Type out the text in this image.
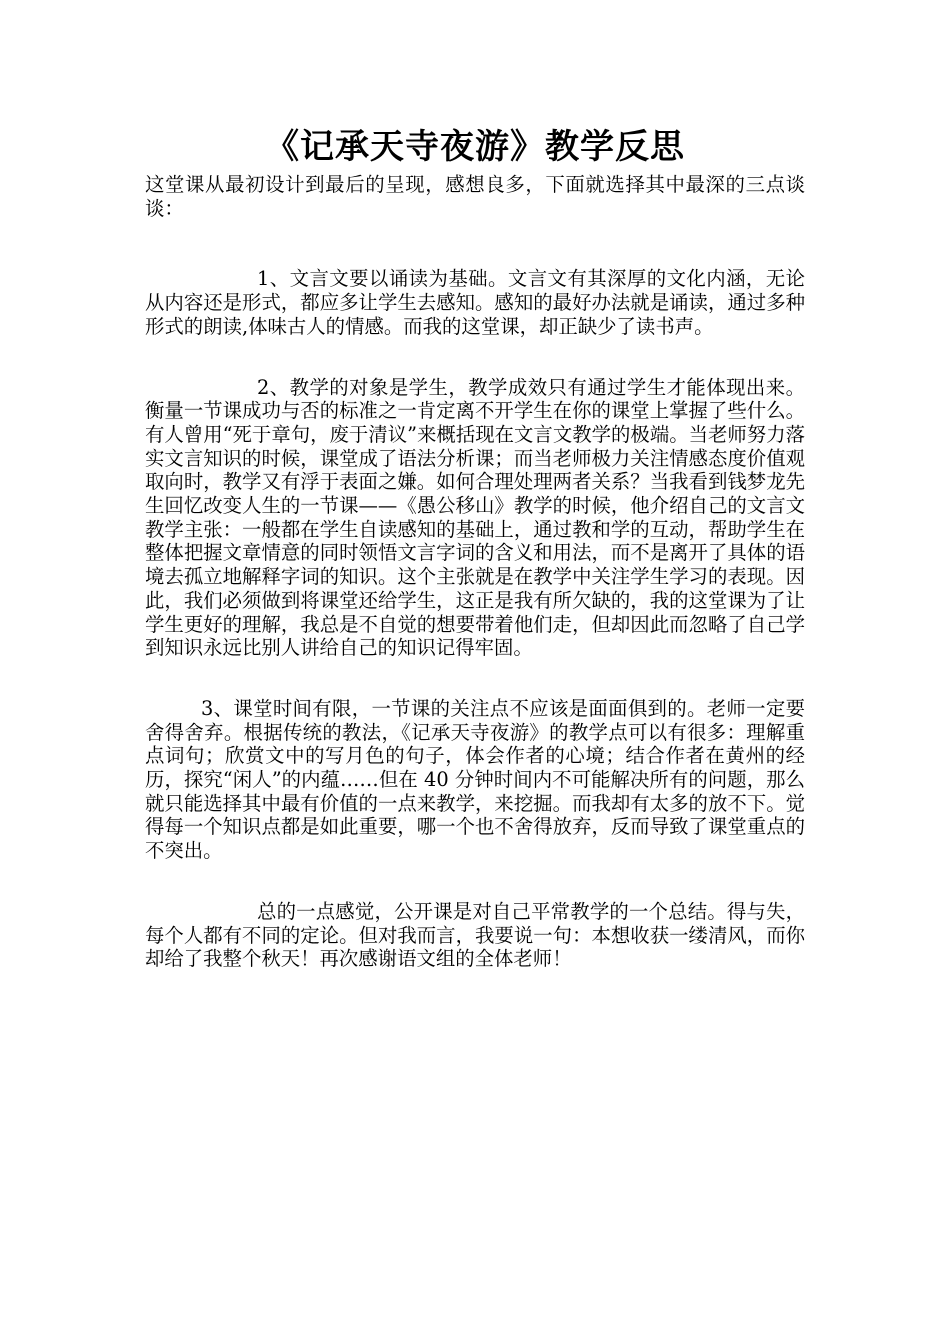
《记承天寺夜游》教学反思

这堂课从最初设计到最后的呈现，感想良多，下面就选择其中最深的三点谈谈：

1、文言文要以诵读为基础。文言文有其深厚的文化内涵，无论从内容还是形式，都应多让学生去感知。感知的最好办法就是诵读，通过多种形式的朗读,体味古人的情感。而我的这堂课，却正缺少了读书声。

2、教学的对象是学生，教学成效只有通过学生才能体现出来。衡量一节课成功与否的标准之一肯定离不开学生在你的课堂上掌握了些什么。有人曾用“死于章句，废于清议”来概括现在文言文教学的极端。当老师努力落实文言知识的时候，课堂成了语法分析课；而当老师极力关注情感态度价值观取向时，教学又有浮于表面之嫌。如何合理处理两者关系？当我看到钱梦龙先生回忆改变人生的一节课——《愚公移山》教学的时候，他介绍自己的文言文教学主张：一般都在学生自读感知的基础上，通过教和学的互动，帮助学生在整体把握文章情意的同时领悟文言字词的含义和用法，而不是离开了具体的语境去孤立地解释字词的知识。这个主张就是在教学中关注学生学习的表现。因此，我们必须做到将课堂还给学生，这正是我有所欠缺的，我的这堂课为了让学生更好的理解，我总是不自觉的想要带着他们走，但却因此而忽略了自己学到知识永远比别人讲给自己的知识记得牢固。

3、课堂时间有限，一节课的关注点不应该是面面俱到的。老师一定要舍得舍弃。根据传统的教法，《记承天寺夜游》的教学点可以有很多：理解重点词句；欣赏文中的写月色的句子，体会作者的心境；结合作者在黄州的经历，探究“闲人”的内蕴……但在 40 分钟时间内不可能解决所有的问题，那么就只能选择其中最有价值的一点来教学，来挖掘。而我却有太多的放不下。觉得每一个知识点都是如此重要，哪一个也不舍得放弃，反而导致了课堂重点的不突出。

总的一点感觉，公开课是对自己平常教学的一个总结。得与失，每个人都有不同的定论。但对我而言，我要说一句：本想收获一缕清风，而你却给了我整个秋天！再次感谢语文组的全体老师！
